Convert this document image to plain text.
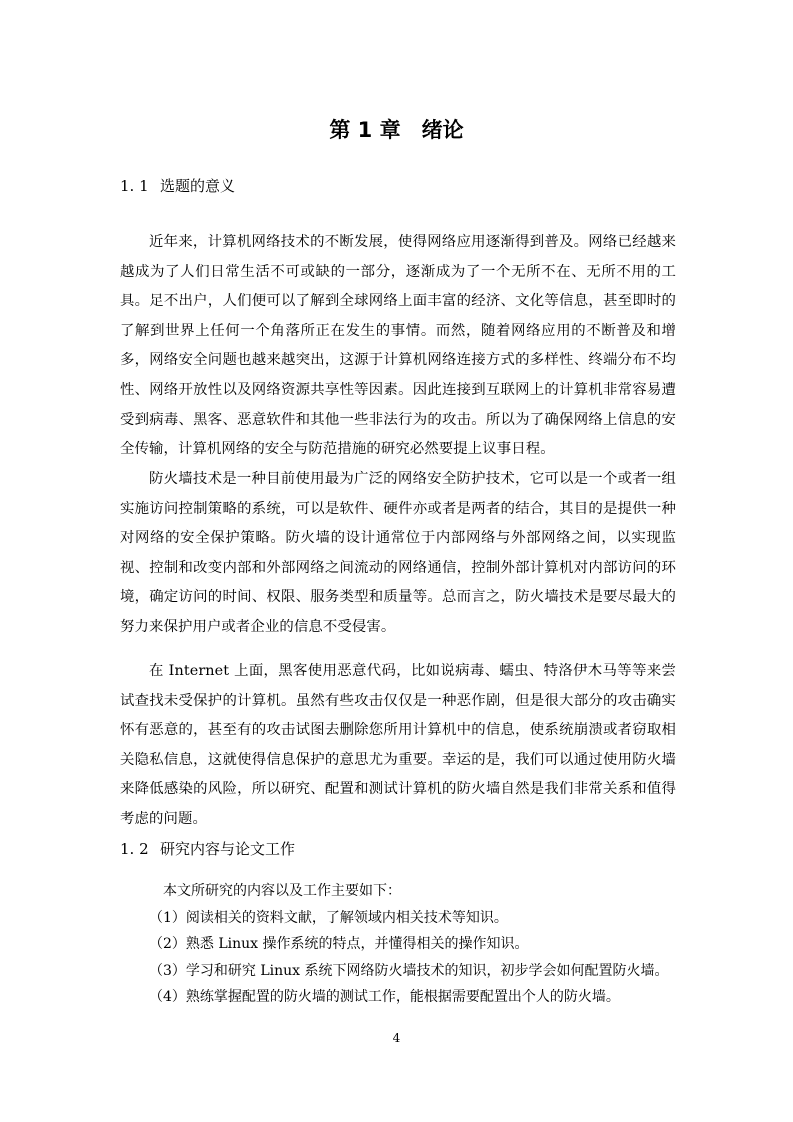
第 1 章　绪论
1. 1 选题的意义

近年来，计算机网络技术的不断发展，使得网络应用逐渐得到普及。网络已经越来越成为了人们日常生活不可或缺的一部分，逐渐成为了一个无所不在、无所不用的工具。足不出户，人们便可以了解到全球网络上面丰富的经济、文化等信息，甚至即时的了解到世界上任何一个角落所正在发生的事情。而然，随着网络应用的不断普及和增多，网络安全问题也越来越突出，这源于计算机网络连接方式的多样性、终端分布不均性、网络开放性以及网络资源共享性等因素。因此连接到互联网上的计算机非常容易遭受到病毒、黑客、恶意软件和其他一些非法行为的攻击。所以为了确保网络上信息的安全传输，计算机网络的安全与防范措施的研究必然要提上议事日程。

防火墙技术是一种目前使用最为广泛的网络安全防护技术，它可以是一个或者一组实施访问控制策略的系统，可以是软件、硬件亦或者是两者的结合，其目的是提供一种对网络的安全保护策略。防火墙的设计通常位于内部网络与外部网络之间，以实现监视、控制和改变内部和外部网络之间流动的网络通信，控制外部计算机对内部访问的环境，确定访问的时间、权限、服务类型和质量等。总而言之，防火墙技术是要尽最大的努力来保护用户或者企业的信息不受侵害。

在 Internet 上面，黑客使用恶意代码，比如说病毒、蠕虫、特洛伊木马等等来尝试查找未受保护的计算机。虽然有些攻击仅仅是一种恶作剧，但是很大部分的攻击确实怀有恶意的，甚至有的攻击试图去删除您所用计算机中的信息，使系统崩溃或者窃取相关隐私信息，这就使得信息保护的意思尤为重要。幸运的是，我们可以通过使用防火墙来降低感染的风险，所以研究、配置和测试计算机的防火墙自然是我们非常关系和值得考虑的问题。

1. 2 研究内容与论文工作
本文所研究的内容以及工作主要如下：
（1）阅读相关的资料文献，了解领域内相关技术等知识。
（2）熟悉 Linux 操作系统的特点，并懂得相关的操作知识。
（3）学习和研究 Linux 系统下网络防火墙技术的知识，初步学会如何配置防火墙。
（4）熟练掌握配置的防火墙的测试工作，能根据需要配置出个人的防火墙。
4
